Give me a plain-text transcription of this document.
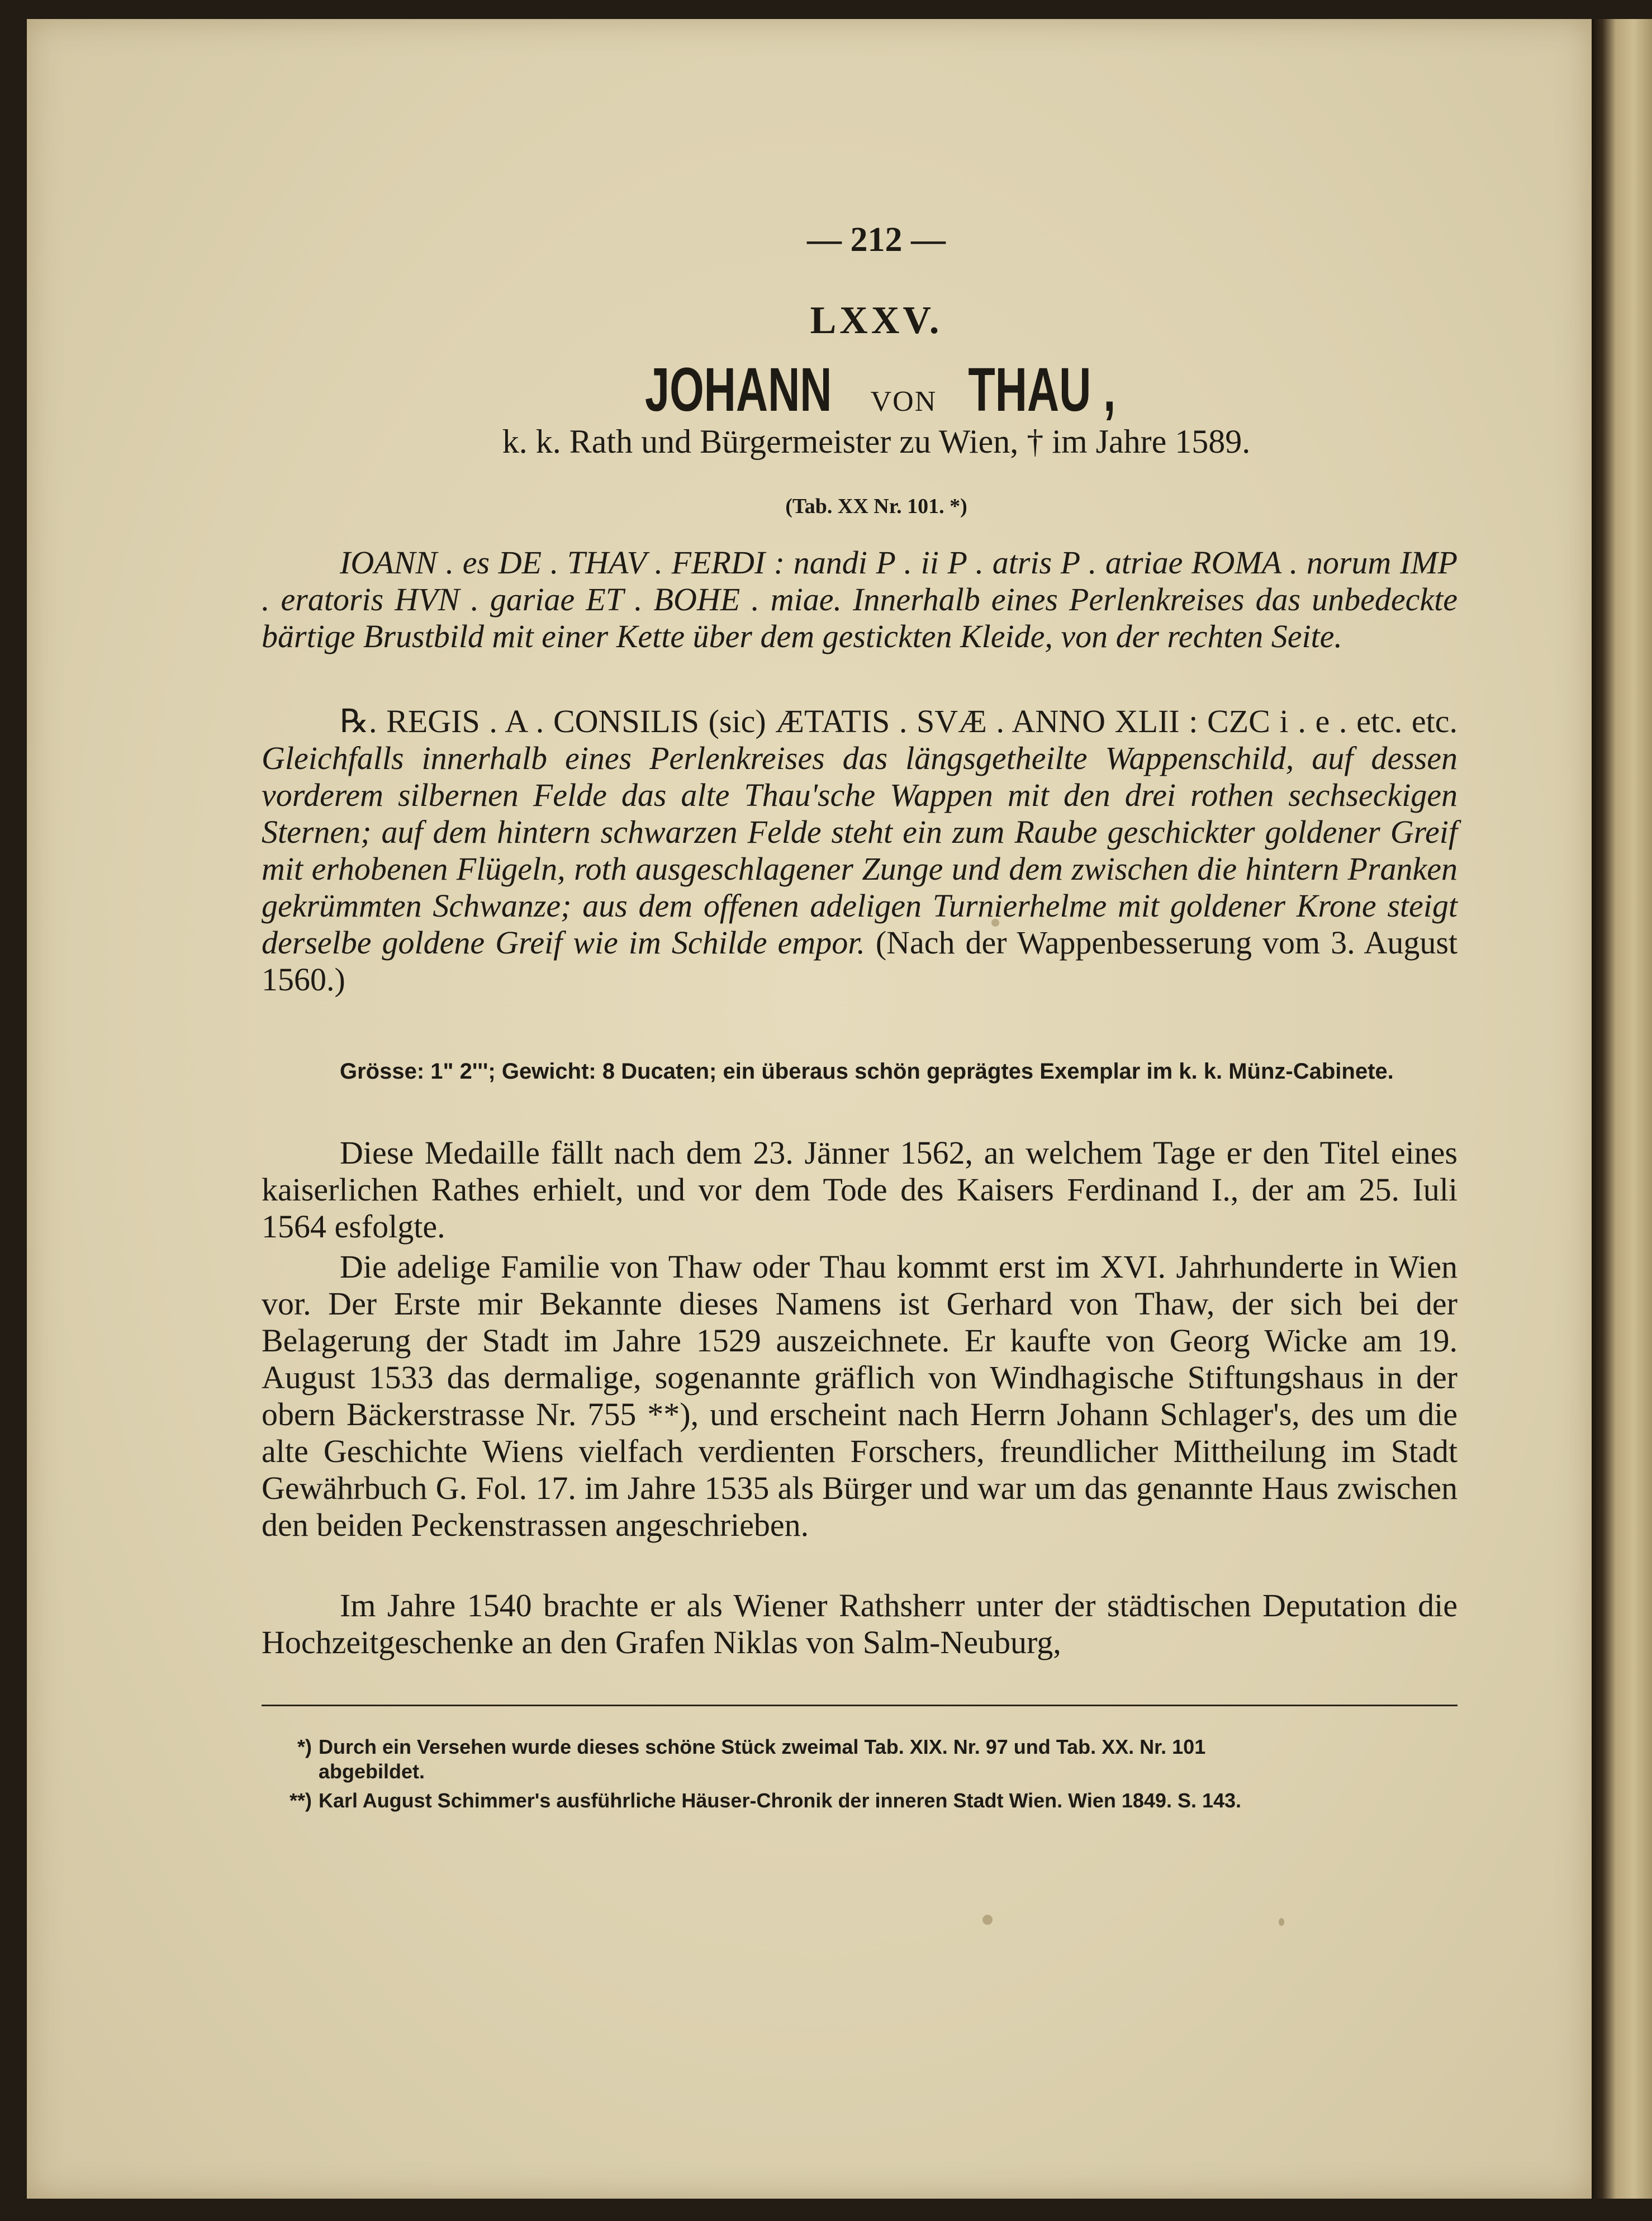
— 212 —
LXXV.
JOHANN von THAU ,
k. k. Rath und Bürgermeister zu Wien, † im Jahre 1589.
(Tab. XX Nr. 101. *)
IOANN . es DE . THAV . FERDI : nandi P . ii P . atris P . atriae ROMA . norum IMP . eratoris HVN . gariae ET . BOHE . miae. Innerhalb eines Perlenkreises das unbedeckte bärtige Brustbild mit einer Kette über dem gestickten Kleide, von der rechten Seite.
℞. REGIS . A . CONSILIS (sic) ÆTATIS . SVÆ . ANNO XLII : CZC i . e . etc. etc. Gleichfalls innerhalb eines Perlenkreises das längsgetheilte Wappenschild, auf dessen vorderem silbernen Felde das alte Thau'sche Wappen mit den drei rothen sechseckigen Sternen; auf dem hintern schwarzen Felde steht ein zum Raube geschickter goldener Greif mit erhobenen Flügeln, roth ausgeschlagener Zunge und dem zwischen die hintern Pranken gekrümmten Schwanze; aus dem offenen adeligen Turnierhelme mit goldener Krone steigt derselbe goldene Greif wie im Schilde empor. (Nach der Wappenbesserung vom 3. August 1560.)
Grösse: 1" 2'''; Gewicht: 8 Ducaten; ein überaus schön geprägtes Exemplar im k. k. Münz-Cabinete.
Diese Medaille fällt nach dem 23. Jänner 1562, an welchem Tage er den Titel eines kaiserlichen Rathes erhielt, und vor dem Tode des Kaisers Ferdinand I., der am 25. Iuli 1564 esfolgte.
Die adelige Familie von Thaw oder Thau kommt erst im XVI. Jahrhunderte in Wien vor. Der Erste mir Bekannte dieses Namens ist Gerhard von Thaw, der sich bei der Belagerung der Stadt im Jahre 1529 auszeichnete. Er kaufte von Georg Wicke am 19. August 1533 das dermalige, sogenannte gräflich von Windhagische Stiftungshaus in der obern Bäckerstrasse Nr. 755 **), und erscheint nach Herrn Johann Schlager's, des um die alte Geschichte Wiens vielfach verdienten Forschers, freundlicher Mittheilung im Stadt Gewährbuch G. Fol. 17. im Jahre 1535 als Bürger und war um das genannte Haus zwischen den beiden Peckenstrassen angeschrieben.
Im Jahre 1540 brachte er als Wiener Rathsherr unter der städtischen Deputation die Hochzeitgeschenke an den Grafen Niklas von Salm-Neuburg,
*) Durch ein Versehen wurde dieses schöne Stück zweimal Tab. XIX. Nr. 97 und Tab. XX. Nr. 101
abgebildet.
**) Karl August Schimmer's ausführliche Häuser-Chronik der inneren Stadt Wien. Wien 1849. S. 143.
